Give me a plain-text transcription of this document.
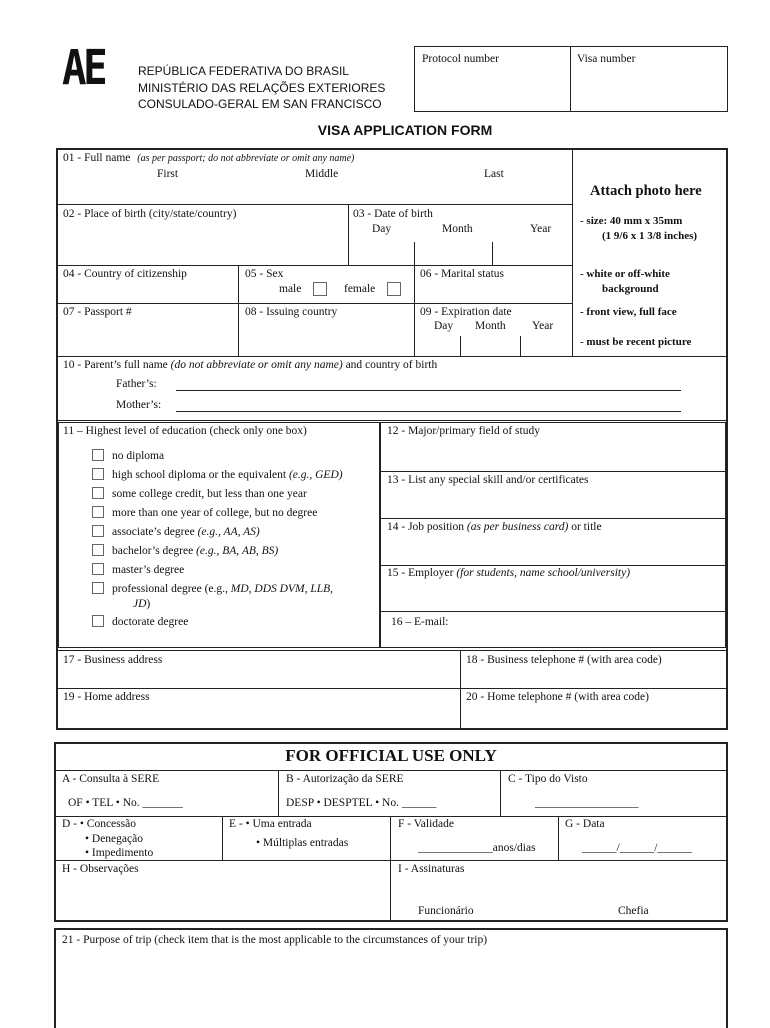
AE	REPÚBLICA FEDERATIVA DO BRASIL
MINISTÉRIO DAS RELAÇÕES EXTERIORES
CONSULADO-GERAL EM SAN FRANCISCO
Protocol number	Visa number
VISA APPLICATION FORM
01 - Full name (as per passport; do not abbreviate or omit any name)
First	Middle	Last
Attach photo here
- size: 40 mm x 35mm
(1 9/6 x 1 3/8 inches)
- white or off-white
background
- front view, full face
- must be recent picture
02 - Place of birth (city/state/country)	03 - Date of birth
Day	Month	Year
04 - Country of citizenship	05 - Sex
male	female
06 - Marital status
07 - Passport #	08 - Issuing country	09 - Expiration date
Day Month Year
10 - Parent’s full name (do not abbreviate or omit any name) and country of birth
Father’s:
Mother’s:
11 – Highest level of education (check only one box)
no diploma
high school diploma or the equivalent (e.g., GED)
some college credit, but less than one year
more than one year of college, but no degree
associate’s degree (e.g., AA, AS)
bachelor’s degree (e.g., BA, AB, BS)
master’s degree
professional degree (e.g., MD, DDS DVM, LLB,
JD)
doctorate degree
12 - Major/primary field of study
13 - List any special skill and/or certificates
14 - Job position (as per business card) or title
15 - Employer (for students, name school/university)
16 – E-mail:
17 - Business address	18 - Business telephone # (with area code)
19 - Home address	20 - Home telephone # (with area code)
FOR OFFICIAL USE ONLY
A - Consulta à SERE
OF • TEL • No. _______
B - Autorização da SERE
DESP • DESPTEL • No. ______
C - Tipo do Visto
__________________
D - • Concessão
• Denegação
• Impedimento
E - • Uma entrada
• Múltiplas entradas
F - Validade
_____________anos/dias
G - Data
______/______/______
H - Observações	I - Assinaturas
Funcionário	Chefia
21 - Purpose of trip (check item that is the most applicable to the circumstances of your trip)
